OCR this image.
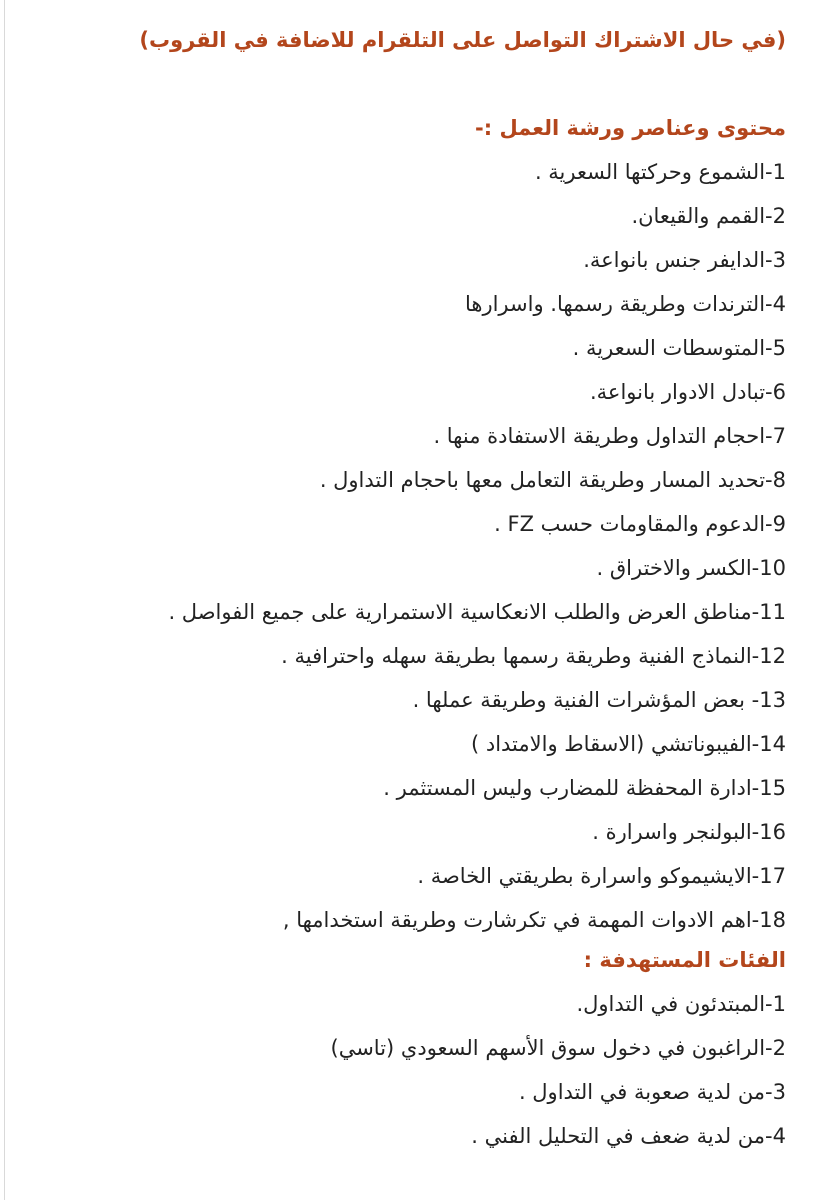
(في حال الاشتراك التواصل على التلقرام للاضافة في القروب)
محتوى وعناصر ورشة العمل :-
1-الشموع وحركتها السعرية .
2-القمم والقيعان.
3-الدايفر جنس بانواعة.
4-الترندات وطريقة رسمها. واسرارها
5-المتوسطات السعرية .
6-تبادل الادوار بانواعة.
7-احجام التداول وطريقة الاستفادة منها .
8-تحديد المسار وطريقة التعامل معها باحجام التداول .
9-الدعوم والمقاومات حسب FZ .
10-الكسر والاختراق .
11-مناطق العرض والطلب الانعكاسية الاستمرارية على جميع الفواصل .
12-النماذج الفنية وطريقة رسمها بطريقة سهله واحترافية .
13- بعض المؤشرات الفنية وطريقة عملها .
14-الفيبوناتشي (الاسقاط والامتداد )
15-ادارة المحفظة للمضارب وليس المستثمر .
16-البولنجر واسرارة .
17-الايشيموكو واسرارة بطريقتي الخاصة .
18-اهم الادوات المهمة في تكرشارت وطريقة استخدامها ,
الفئات المستهدفة :
1-المبتدئون في التداول.
2-الراغبون في دخول سوق الأسهم السعودي (تاسي)
3-من لدية صعوبة في التداول .
4-من لدية ضعف في التحليل الفني .
